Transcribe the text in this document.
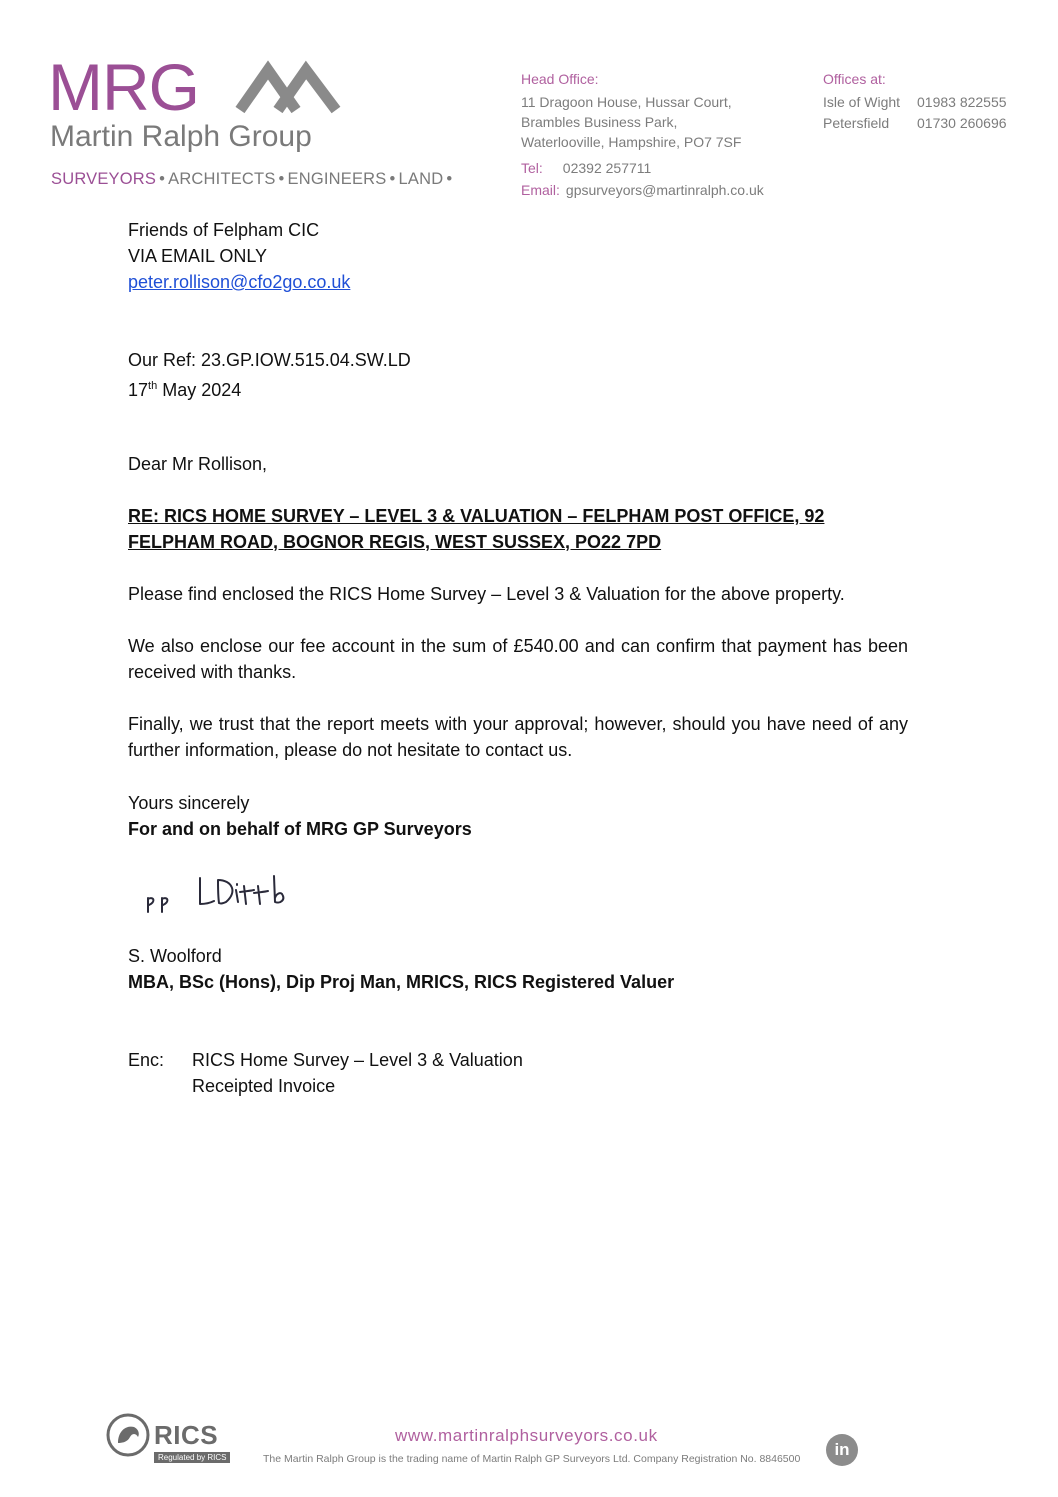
MRG
Martin Ralph Group
SURVEYORS • ARCHITECTS • ENGINEERS • LAND •
Head Office:
11 Dragoon House, Hussar Court,
Brambles Business Park,
Waterlooville, Hampshire, PO7 7SF
Tel: 02392 257711
Email: gpsurveyors@martinralph.co.uk
Offices at:
Isle of Wight 01983 822555
Petersfield 01730 260696
Friends of Felpham CIC
VIA EMAIL ONLY
peter.rollison@cfo2go.co.uk
Our Ref: 23.GP.IOW.515.04.SW.LD
17th May 2024
Dear Mr Rollison,
RE: RICS HOME SURVEY – LEVEL 3 & VALUATION – FELPHAM POST OFFICE, 92 FELPHAM ROAD, BOGNOR REGIS, WEST SUSSEX, PO22 7PD
Please find enclosed the RICS Home Survey – Level 3 & Valuation for the above property.
We also enclose our fee account in the sum of £540.00 and can confirm that payment has been received with thanks.
Finally, we trust that the report meets with your approval; however, should you have need of any further information, please do not hesitate to contact us.
Yours sincerely
For and on behalf of MRG GP Surveyors
S. Woolford
MBA, BSc (Hons), Dip Proj Man, MRICS, RICS Registered Valuer
Enc: RICS Home Survey – Level 3 & Valuation
Receipted Invoice
RICS
Regulated by RICS
www.martinralphsurveyors.co.uk
The Martin Ralph Group is the trading name of Martin Ralph GP Surveyors Ltd. Company Registration No. 8846500	in
